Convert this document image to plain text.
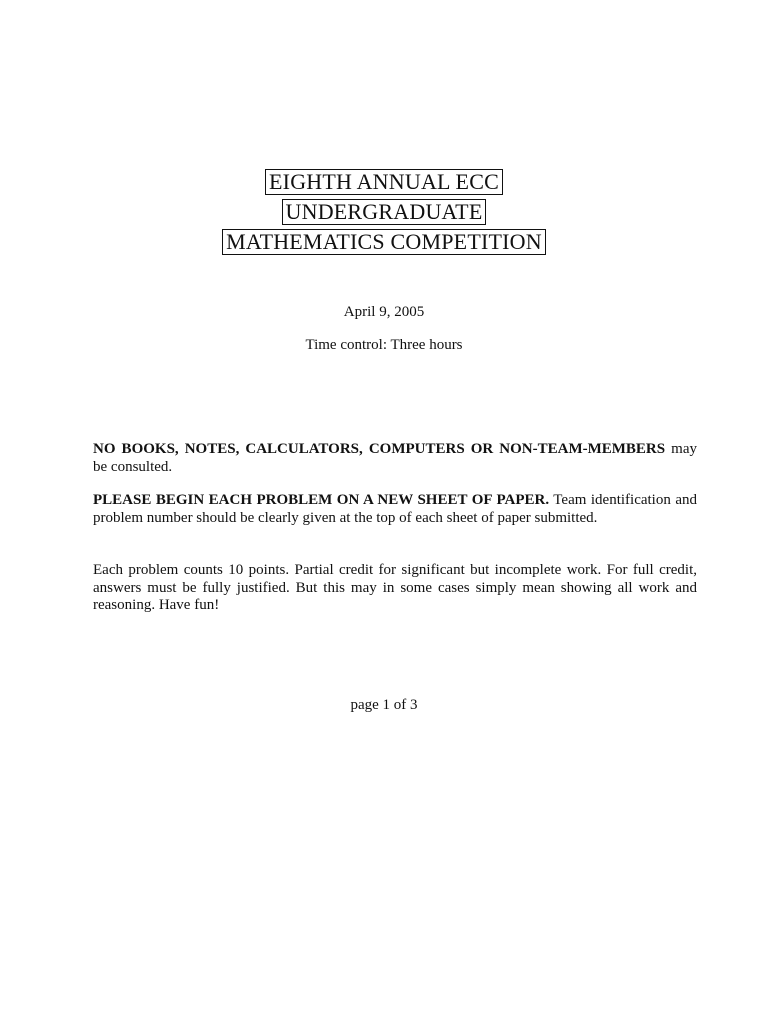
EIGHTH ANNUAL ECC
UNDERGRADUATE
MATHEMATICS COMPETITION
April 9, 2005
Time control: Three hours
NO BOOKS, NOTES, CALCULATORS, COMPUTERS OR NON-TEAM-MEMBERS may be consulted.
PLEASE BEGIN EACH PROBLEM ON A NEW SHEET OF PAPER. Team identification and problem number should be clearly given at the top of each sheet of paper submitted.
Each problem counts 10 points. Partial credit for significant but incomplete work. For full credit, answers must be fully justified. But this may in some cases simply mean showing all work and reasoning. Have fun!
page 1 of 3
